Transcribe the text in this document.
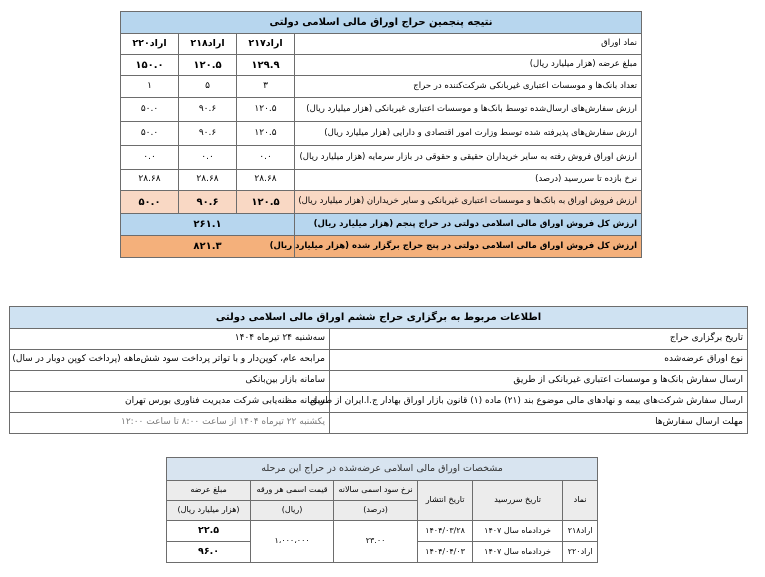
نتیجه پنجمین حراج اوراق مالی اسلامی دولتی			
نماد اوراق	اراد۲۱۷	اراد۲۱۸	اراد۲۲۰
مبلغ عرضه (هزار میلیارد ریال)	۱۲۹.۹	۱۲۰.۵	۱۵۰.۰
تعداد بانک‌ها و موسسات اعتباری غیربانکی شرکت‌کننده در حراج	۳	۵	۱
ارزش سفارش‌های ارسال‌شده توسط بانک‌ها و موسسات اعتباری غیربانکی (هزار میلیارد ریال)	۱۲۰.۵	۹۰.۶	۵۰.۰
ارزش سفارش‌های پذیرفته شده توسط وزارت امور اقتصادی و دارایی (هزار میلیارد ریال)	۱۲۰.۵	۹۰.۶	۵۰.۰
ارزش اوراق فروش رفته به سایر خریداران حقیقی و حقوقی در بازار سرمایه (هزار میلیارد ریال)	۰.۰	۰.۰	۰.۰
نرخ بازده تا سررسید (درصد)	۲۸.۶۸	۲۸.۶۸	۲۸.۶۸
ارزش فروش اوراق به بانک‌ها و موسسات اعتباری غیربانکی و سایر خریداران (هزار میلیارد ریال)	۱۲۰.۵	۹۰.۶	۵۰.۰
ارزش کل فروش اوراق مالی اسلامی دولتی در حراج پنجم (هزار میلیارد ریال)	۲۶۱.۱		
ارزش کل فروش اوراق مالی اسلامی دولتی در پنج حراج برگزار شده (هزار میلیارد ریال)	۸۲۱.۳		
اطلاعات مربوط به برگزاری حراج ششم اوراق مالی اسلامی دولتی	
تاریخ برگزاری حراج	سه‌شنبه ۲۴ تیرماه ۱۴۰۴
نوع اوراق عرضه‌شده	مرابحه عام، کوپن‌دار و با تواتر پرداخت سود شش‌ماهه (پرداخت کوپن دوبار در سال)
ارسال سفارش بانک‌ها و موسسات اعتباری غیربانکی از طریق	سامانه بازار بین‌بانکی
ارسال سفارش شرکت‌های بیمه و نهادهای مالی موضوع بند (۲۱) ماده (۱) قانون بازار اوراق بهادار ج.ا.ایران از طریق	سامانه مظنه‌یابی شرکت مدیریت فناوری بورس تهران
مهلت ارسال سفارش‌ها	یکشنبه ۲۲ تیرماه ۱۴۰۴ از ساعت ۸:۰۰ تا ساعت ۱۲:۰۰
مشخصات اوراق مالی اسلامی عرضه‌شده در حراج این مرحله					
نماد	تاریخ سررسید	تاریخ انتشار	نرخ سود اسمی سالانه	قیمت اسمی هر ورقه	مبلغ عرضه
			(درصد)	(ریال)	(هزار میلیارد ریال)
اراد۲۱۸	خردادماه سال ۱۴۰۷	۱۴۰۴/۰۳/۲۸	۲۳.۰۰	۱،۰۰۰،۰۰۰	۲۲.۵
اراد۲۲۰	خردادماه سال ۱۴۰۷	۱۴۰۴/۰۴/۰۳			۹۶.۰
